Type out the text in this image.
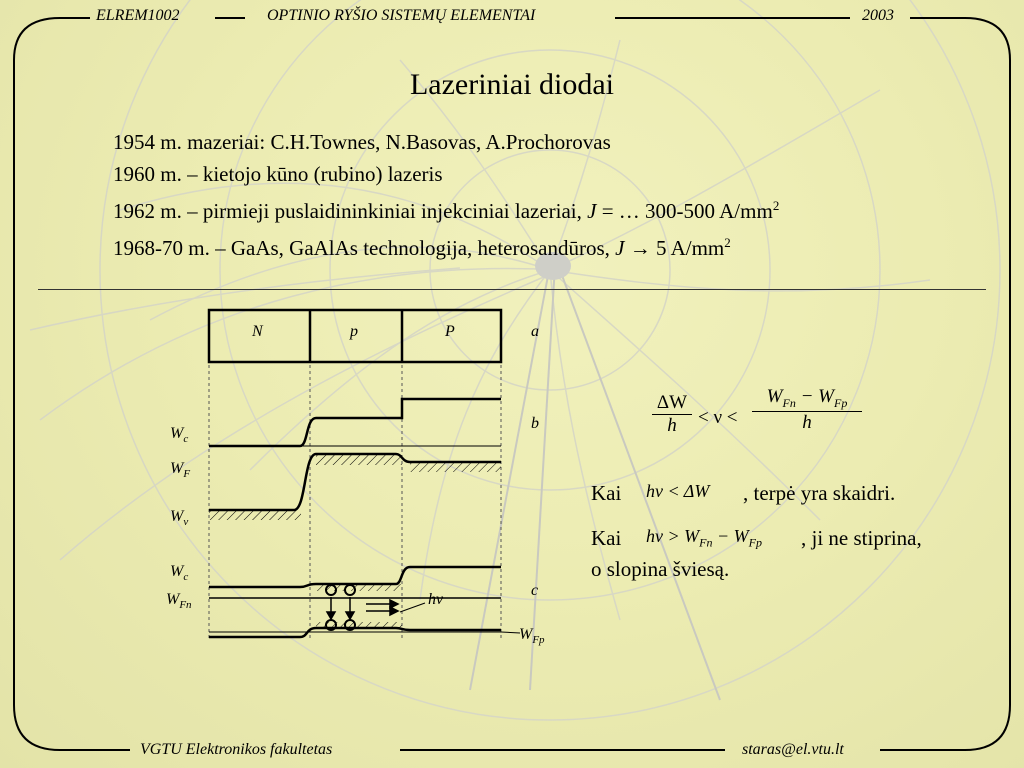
ELREM1002	OPTINIO RYŠIO SISTEMŲ ELEMENTAI	2003
VGTU Elektronikos fakultetas	staras@el.vtu.lt
Lazeriniai diodai
1954 m. mazeriai: C.H.Townes, N.Basovas, A.Prochorovas
1960 m. – kietojo kūno (rubino) lazeris
1962 m. – pirmieji puslaidininkiniai injekciniai lazeriai, J = … 300-500 $A/mm^2$
1968-70 m. – GaAs, GaAlAs technologija, heterosandūros, J → 5 $A/mm^2$
N	p	P	a
b
c
$W_c$
$W_F$
$W_v$
$W_c$
$W_{Fn}$
$W_{Fp}$
hν
ΔW
h	< ν <
$W_{Fn} - W_{Fp}$
h
Kai hν < ΔW , terpė yra skaidri.
Kai $h\nu > W_{Fn} - W_{Fp}$ , ji ne stiprina,
o slopina šviesą.
